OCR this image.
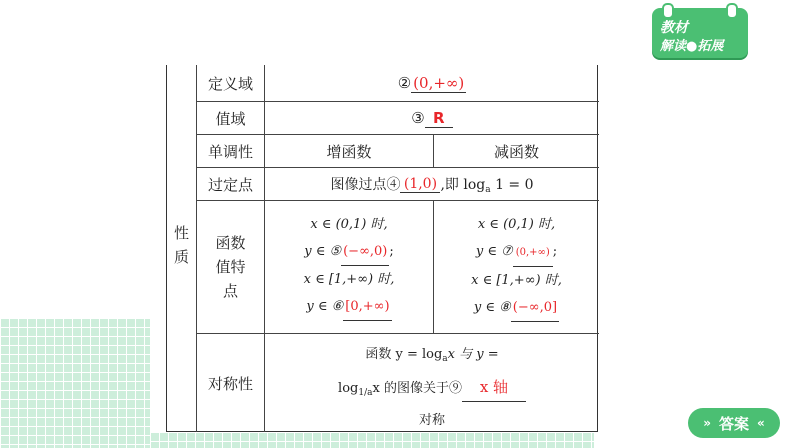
教材
解读●拓展
性
质
定义域
值域
单调性
过定点
函数
值特
点
对称性
② (0,+∞)
③ R
增函数	减函数
图像过点④ (1,0) ,即 $\log_a 1 = 0$
x ∈ (0,1) 时,
y ∈ ⑤ (−∞,0) ;
x ∈ [1,+∞) 时,
y ∈ ⑥ [0,+∞)
x ∈ (0,1) 时,
y ∈ ⑦ (0,+∞) ;
x ∈ [1,+∞) 时,
y ∈ ⑧ (−∞,0]
函数 $y = \log_ax$ 与 y =
$\log_{1/a}x$ 的图像关于⑨ x 轴
对称	» 答案 «
